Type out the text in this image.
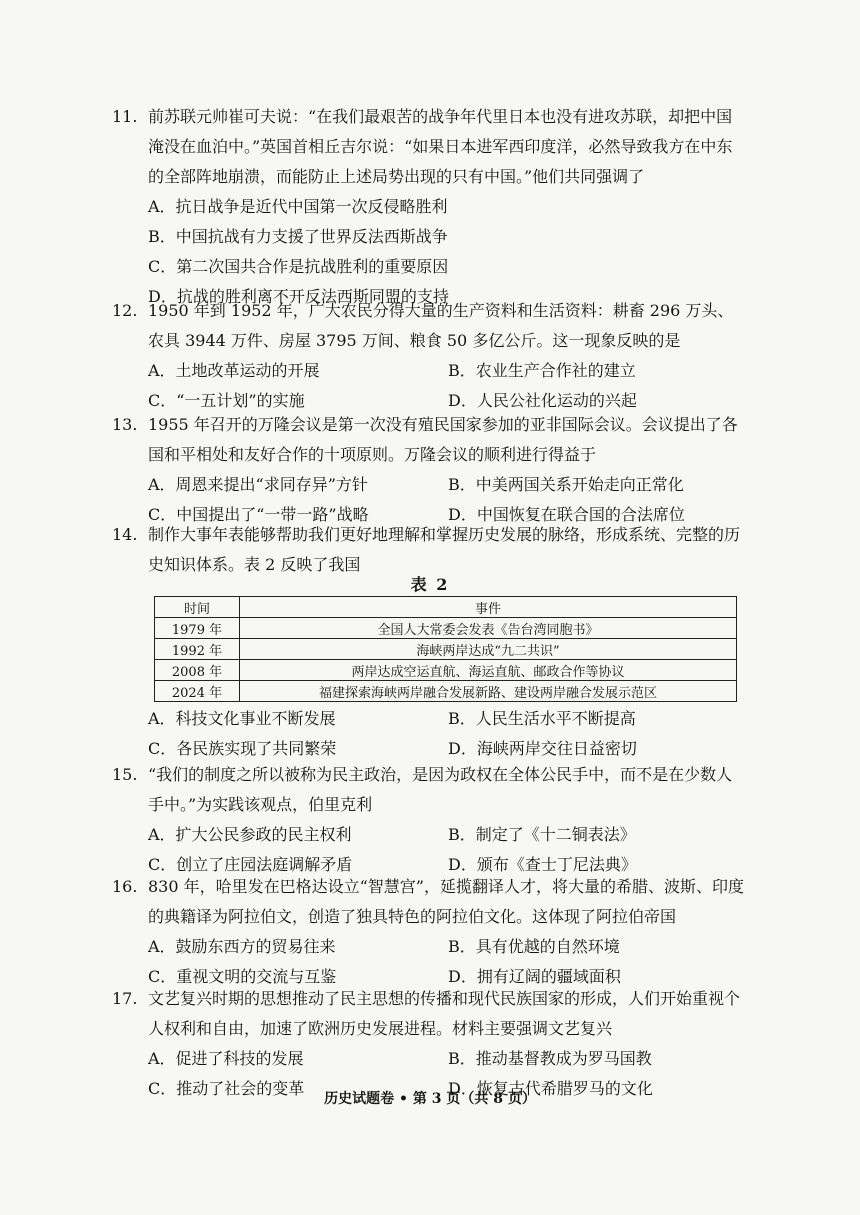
11. 前苏联元帅崔可夫说：“在我们最艰苦的战争年代里日本也没有进攻苏联，却把中国淹没在血泊中。”英国首相丘吉尔说：“如果日本进军西印度洋，必然导致我方在中东的全部阵地崩溃，而能防止上述局势出现的只有中国。”他们共同强调了
A．抗日战争是近代中国第一次反侵略胜利
B．中国抗战有力支援了世界反法西斯战争
C．第二次国共合作是抗战胜利的重要原因
D．抗战的胜利离不开反法西斯同盟的支持
12. 1950 年到 1952 年，广大农民分得大量的生产资料和生活资料：耕畜 296 万头、农具 3944 万件、房屋 3795 万间、粮食 50 多亿公斤。这一现象反映的是
A．土地改革运动的开展	B．农业生产合作社的建立
C．“一五计划”的实施	D．人民公社化运动的兴起
13. 1955 年召开的万隆会议是第一次没有殖民国家参加的亚非国际会议。会议提出了各国和平相处和友好合作的十项原则。万隆会议的顺利进行得益于
A．周恩来提出“求同存异”方针	B．中美两国关系开始走向正常化
C．中国提出了“一带一路”战略	D．中国恢复在联合国的合法席位
14. 制作大事年表能够帮助我们更好地理解和掌握历史发展的脉络，形成系统、完整的历史知识体系。表 2 反映了我国
表 2
时间	事件
1979 年	全国人大常委会发表《告台湾同胞书》
1992 年	海峡两岸达成“九二共识”
2008 年	两岸达成空运直航、海运直航、邮政合作等协议
2024 年	福建探索海峡两岸融合发展新路、建设两岸融合发展示范区
A．科技文化事业不断发展	B．人民生活水平不断提高
C．各民族实现了共同繁荣	D．海峡两岸交往日益密切
15. “我们的制度之所以被称为民主政治，是因为政权在全体公民手中，而不是在少数人手中。”为实践该观点，伯里克利
A．扩大公民参政的民主权利	B．制定了《十二铜表法》
C．创立了庄园法庭调解矛盾	D．颁布《查士丁尼法典》
16. 830 年，哈里发在巴格达设立“智慧宫”，延揽翻译人才，将大量的希腊、波斯、印度的典籍译为阿拉伯文，创造了独具特色的阿拉伯文化。这体现了阿拉伯帝国
A．鼓励东西方的贸易往来	B．具有优越的自然环境
C．重视文明的交流与互鉴	D．拥有辽阔的疆域面积
17. 文艺复兴时期的思想推动了民主思想的传播和现代民族国家的形成，人们开始重视个人权利和自由，加速了欧洲历史发展进程。材料主要强调文艺复兴
A．促进了科技的发展	B．推动基督教成为罗马国教
C．推动了社会的变革	D．恢复古代希腊罗马的文化
历史试题卷 • 第 3 页（共 8 页）
